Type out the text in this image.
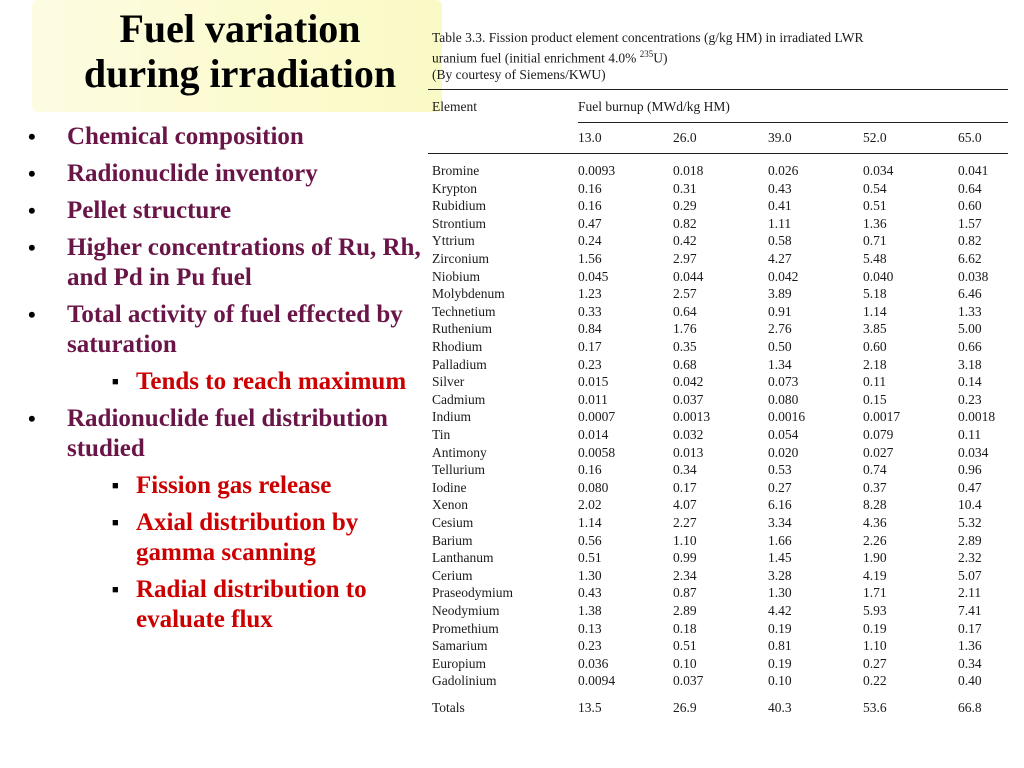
Fuel variation
during irradiation
• Chemical composition
• Radionuclide inventory
• Pellet structure
• Higher concentrations of Ru, Rh, and Pd in Pu fuel
• Total activity of fuel effected by saturation
■ Tends to reach maximum
• Radionuclide fuel distribution studied
■ Fission gas release
■ Axial distribution by gamma scanning
■ Radial distribution to evaluate flux
Table 3.3. Fission product element concentrations (g/kg HM) in irradiated LWR
uranium fuel (initial enrichment 4.0% $^{235}$U)
(By courtesy of Siemens/KWU)
Element	Fuel burnup (MWd/kg HM)
13.0	26.0	39.0	52.0	65.0
Bromine	0.0093	0.018	0.026	0.034	0.041
Krypton	0.16	0.31	0.43	0.54	0.64
Rubidium	0.16	0.29	0.41	0.51	0.60
Strontium	0.47	0.82	1.11	1.36	1.57
Yttrium	0.24	0.42	0.58	0.71	0.82
Zirconium	1.56	2.97	4.27	5.48	6.62
Niobium	0.045	0.044	0.042	0.040	0.038
Molybdenum	1.23	2.57	3.89	5.18	6.46
Technetium	0.33	0.64	0.91	1.14	1.33
Ruthenium	0.84	1.76	2.76	3.85	5.00
Rhodium	0.17	0.35	0.50	0.60	0.66
Palladium	0.23	0.68	1.34	2.18	3.18
Silver	0.015	0.042	0.073	0.11	0.14
Cadmium	0.011	0.037	0.080	0.15	0.23
Indium	0.0007	0.0013	0.0016	0.0017	0.0018
Tin	0.014	0.032	0.054	0.079	0.11
Antimony	0.0058	0.013	0.020	0.027	0.034
Tellurium	0.16	0.34	0.53	0.74	0.96
Iodine	0.080	0.17	0.27	0.37	0.47
Xenon	2.02	4.07	6.16	8.28	10.4
Cesium	1.14	2.27	3.34	4.36	5.32
Barium	0.56	1.10	1.66	2.26	2.89
Lanthanum	0.51	0.99	1.45	1.90	2.32
Cerium	1.30	2.34	3.28	4.19	5.07
Praseodymium	0.43	0.87	1.30	1.71	2.11
Neodymium	1.38	2.89	4.42	5.93	7.41
Promethium	0.13	0.18	0.19	0.19	0.17
Samarium	0.23	0.51	0.81	1.10	1.36
Europium	0.036	0.10	0.19	0.27	0.34
Gadolinium	0.0094	0.037	0.10	0.22	0.40
Totals	13.5	26.9	40.3	53.6	66.8
